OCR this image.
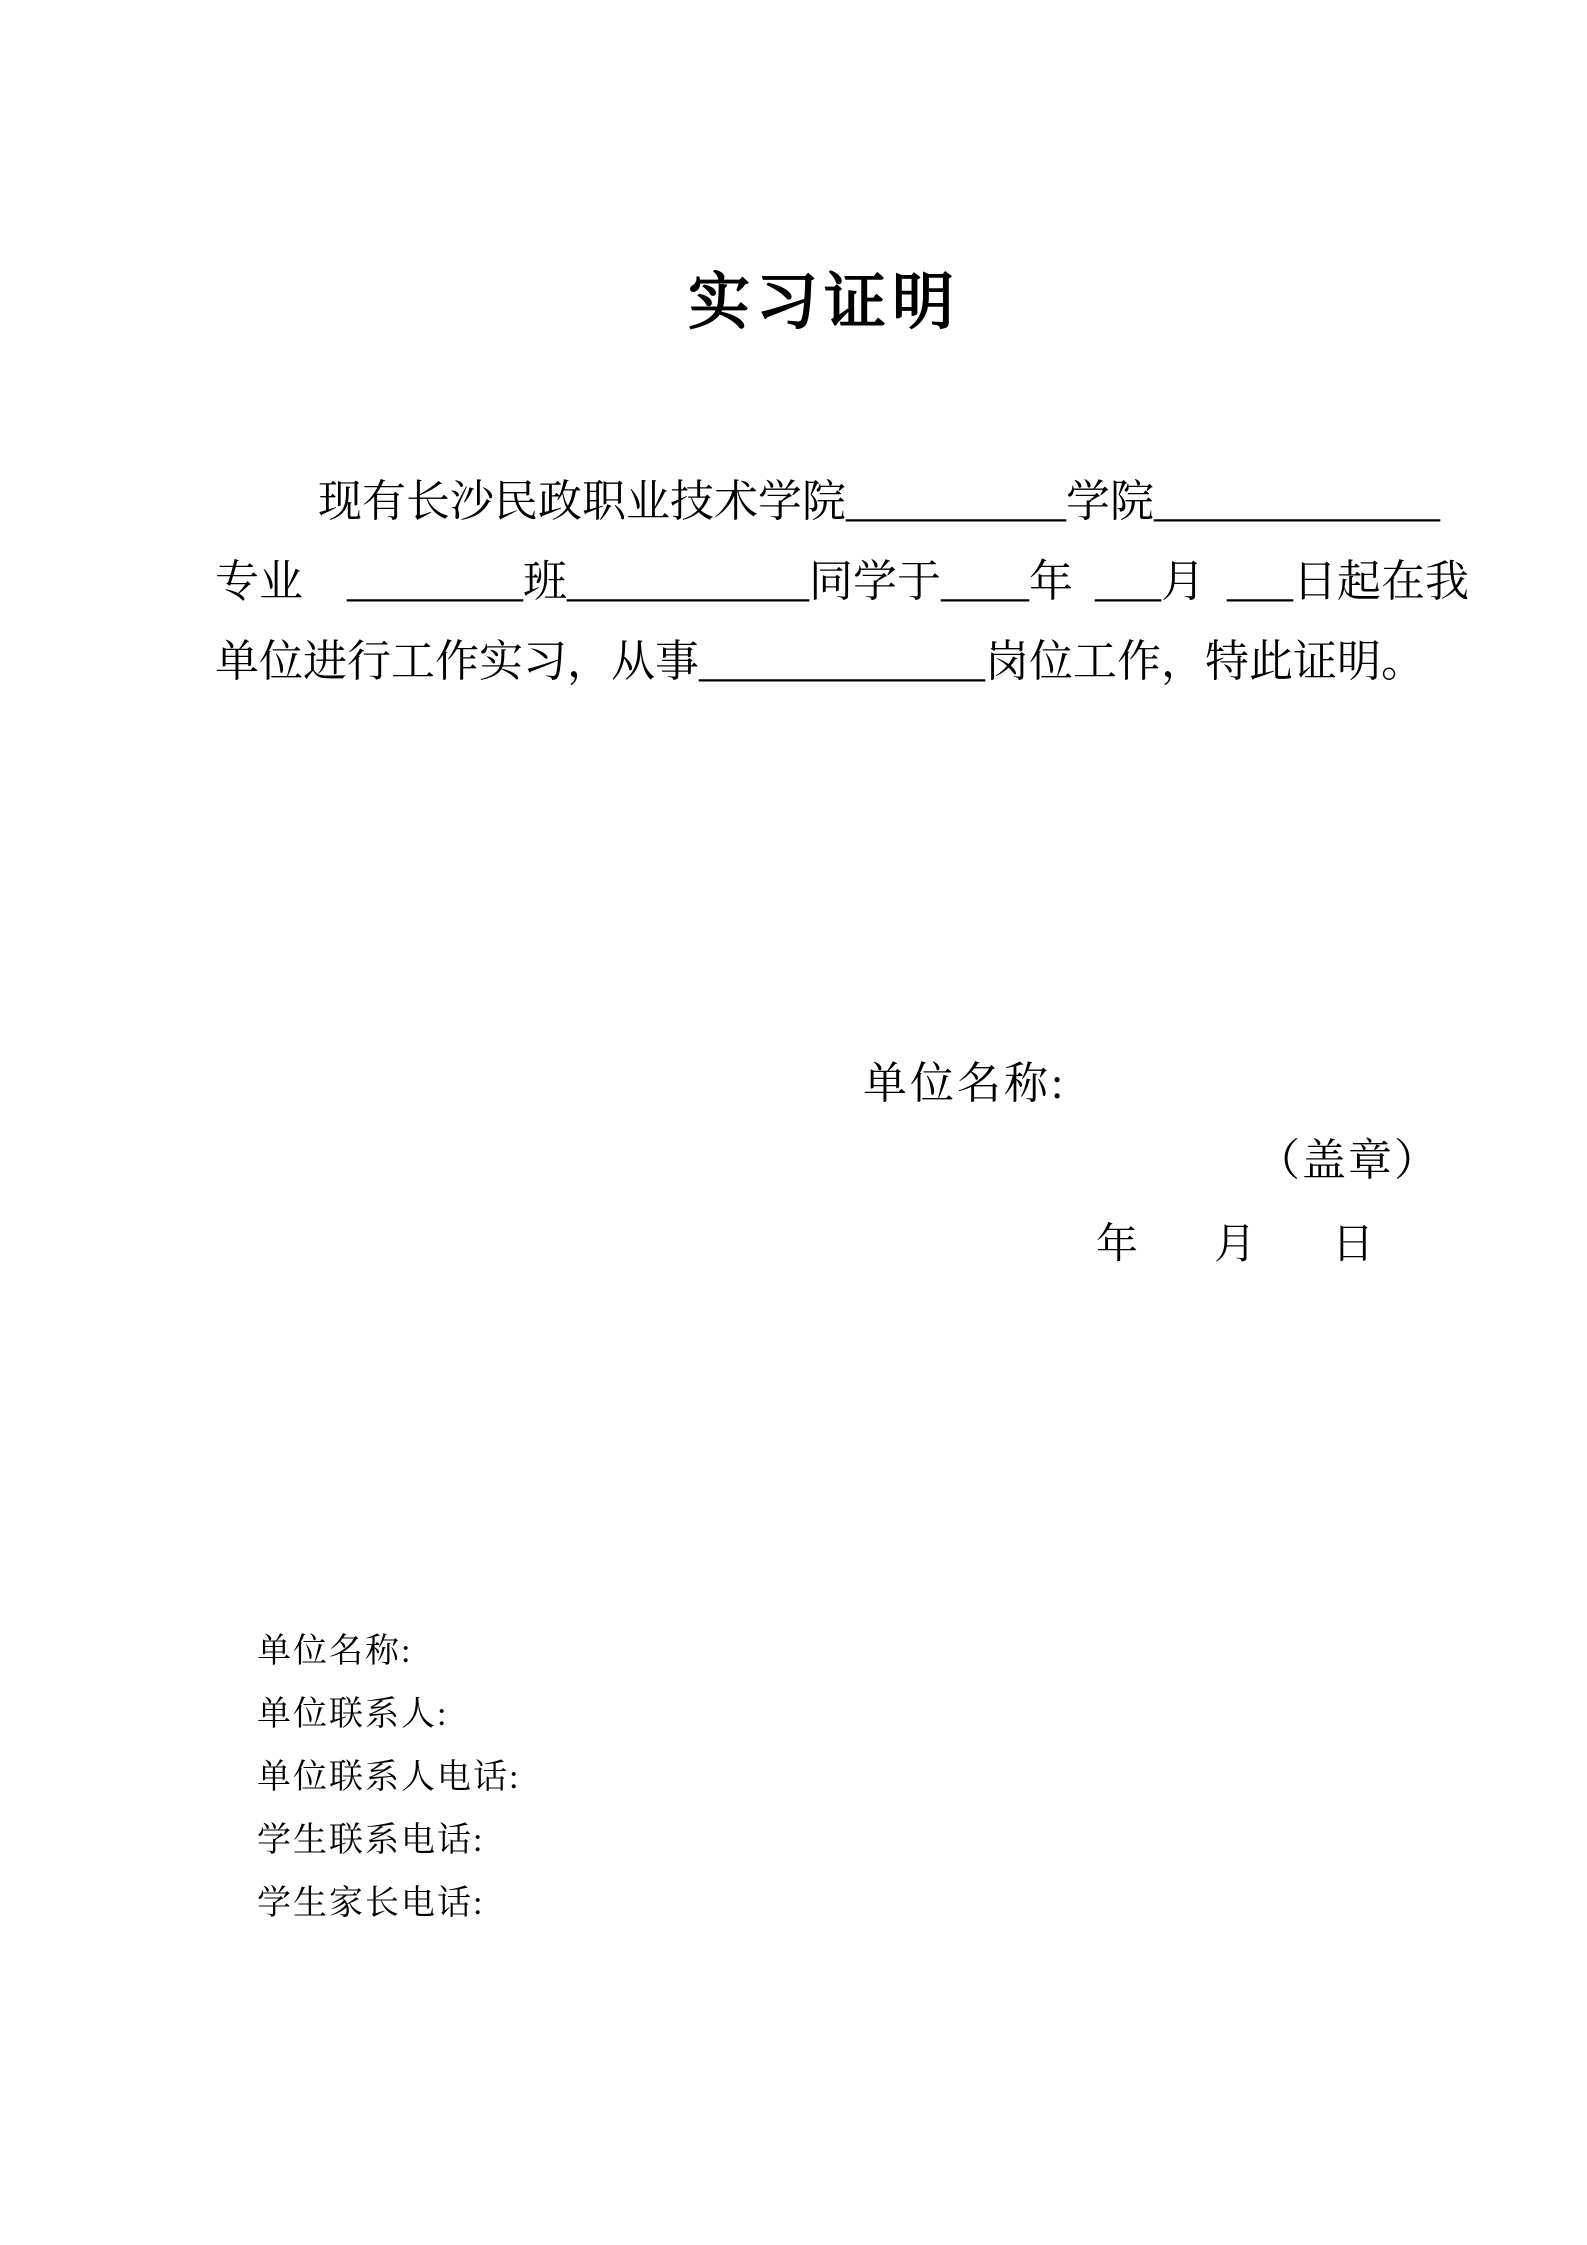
实习证明
现有长沙民政职业技术学院__________学院_____________
专业    ________班___________同学于____年  ___月  ___日起在我
单位进行工作实习，从事_____________岗位工作，特此证明。
单位名称:
（盖章）
年 月 日
单位名称:
单位联系人:
单位联系人电话:
学生联系电话:
学生家长电话:
